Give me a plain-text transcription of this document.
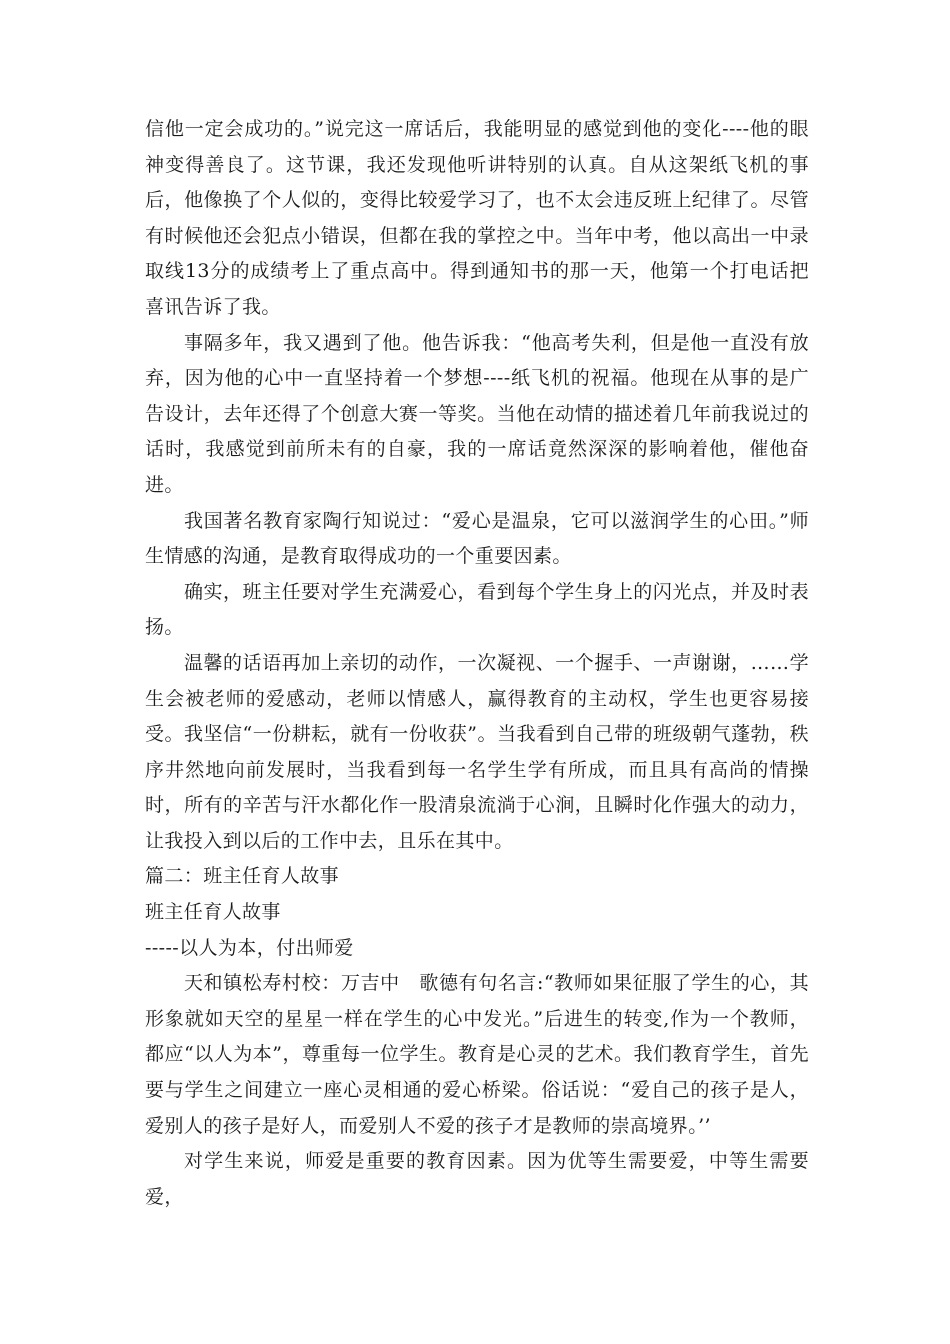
信他一定会成功的。”说完这一席话后，我能明显的感觉到他的变化----他的眼神变得善良了。这节课，我还发现他听讲特别的认真。自从这架纸飞机的事后，他像换了个人似的，变得比较爱学习了，也不太会违反班上纪律了。尽管有时候他还会犯点小错误，但都在我的掌控之中。当年中考，他以高出一中录取线13分的成绩考上了重点高中。得到通知书的那一天，他第一个打电话把喜讯告诉了我。

事隔多年，我又遇到了他。他告诉我：“他高考失利，但是他一直没有放弃，因为他的心中一直坚持着一个梦想----纸飞机的祝福。他现在从事的是广告设计，去年还得了个创意大赛一等奖。当他在动情的描述着几年前我说过的话时，我感觉到前所未有的自豪，我的一席话竟然深深的影响着他，催他奋进。

我国著名教育家陶行知说过：“爱心是温泉，它可以滋润学生的心田。”师生情感的沟通，是教育取得成功的一个重要因素。

确实，班主任要对学生充满爱心，看到每个学生身上的闪光点，并及时表扬。

温馨的话语再加上亲切的动作，一次凝视、一个握手、一声谢谢，……学生会被老师的爱感动，老师以情感人，赢得教育的主动权，学生也更容易接受。我坚信“一份耕耘，就有一份收获”。当我看到自己带的班级朝气蓬勃，秩序井然地向前发展时，当我看到每一名学生学有所成，而且具有高尚的情操时，所有的辛苦与汗水都化作一股清泉流淌于心涧，且瞬时化作强大的动力，让我投入到以后的工作中去，且乐在其中。

篇二：班主任育人故事

班主任育人故事

-----以人为本，付出师爱

天和镇松寿村校：万吉中　歌德有句名言:“教师如果征服了学生的心，其形象就如天空的星星一样在学生的心中发光。”后进生的转变,作为一个教师，都应“以人为本”，尊重每一位学生。教育是心灵的艺术。我们教育学生，首先要与学生之间建立一座心灵相通的爱心桥梁。俗话说：“爱自己的孩子是人，爱别人的孩子是好人，而爱别人不爱的孩子才是教师的崇高境界。’’

对学生来说，师爱是重要的教育因素。因为优等生需要爱，中等生需要爱，
